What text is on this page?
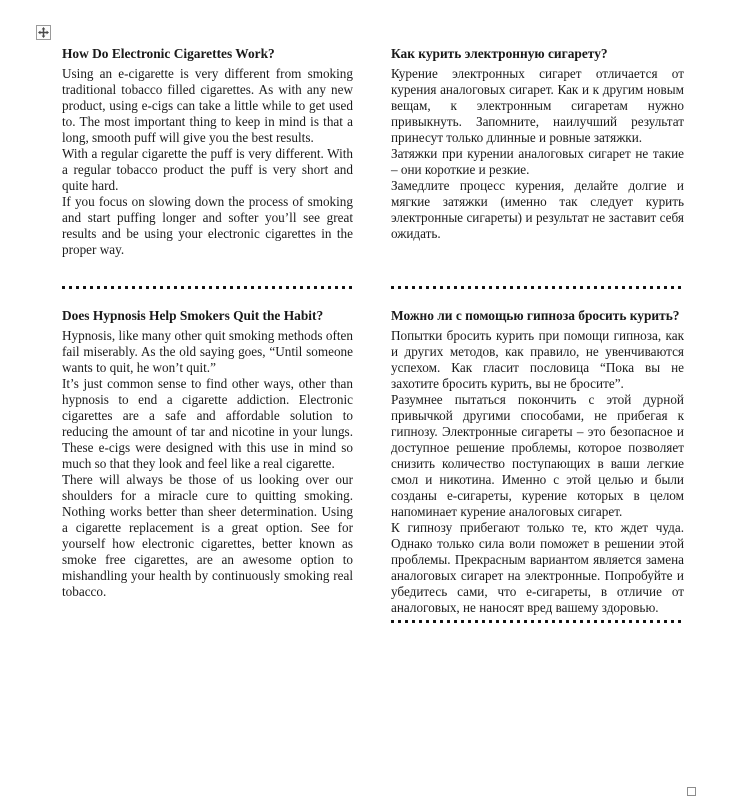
How Do Electronic Cigarettes Work?

Using an e-cigarette is very different from smoking traditional tobacco filled cigarettes. As with any new product, using e-cigs can take a little while to get used to. The most important thing to keep in mind is that a long, smooth puff will give you the best results.

With a regular cigarette the puff is very different. With a regular tobacco product the puff is very short and quite hard.

If you focus on slowing down the process of smoking and start puffing longer and softer you’ll see great results and be using your electronic cigarettes in the proper way.

Как курить электронную сигарету?

Курение электронных сигарет отличается от курения аналоговых сигарет. Как и к другим новым вещам, к электронным сигаретам нужно привыкнуть. Запомните, наилучший результат принесут только длинные и ровные затяжки.

Затяжки при курении аналоговых сигарет не такие – они короткие и резкие.

Замедлите процесс курения, делайте долгие и мягкие затяжки (именно так следует курить электронные сигареты) и результат не заставит себя ожидать.

Does Hypnosis Help Smokers Quit the Habit?

Hypnosis, like many other quit smoking methods often fail miserably. As the old saying goes, “Until someone wants to quit, he won’t quit.”

It’s just common sense to find other ways, other than hypnosis to end a cigarette addiction. Electronic cigarettes are a safe and affordable solution to reducing the amount of tar and nicotine in your lungs. These e-cigs were designed with this use in mind so much so that they look and feel like a real cigarette.

There will always be those of us looking over our shoulders for a miracle cure to quitting smoking. Nothing works better than sheer determination. Using a cigarette replacement is a great option. See for yourself how electronic cigarettes, better known as smoke free cigarettes, are an awesome option to mishandling your health by continuously smoking real tobacco.

Можно ли с помощью гипноза бросить курить?

Попытки бросить курить при помощи гипноза, как и других методов, как правило, не увенчиваются успехом. Как гласит пословица “Пока вы не захотите бросить курить, вы не бросите”.

Разумнее пытаться покончить с этой дурной привычкой другими способами, не прибегая к гипнозу. Электронные сигареты – это безопасное и доступное решение проблемы, которое позволяет снизить количество поступающих в ваши легкие смол и никотина. Именно с этой целью и были созданы е-сигареты, курение которых в целом напоминает курение аналоговых сигарет.

К гипнозу прибегают только те, кто ждет чуда. Однако только сила воли поможет в решении этой проблемы. Прекрасным вариантом является замена аналоговых сигарет на электронные. Попробуйте и убедитесь сами, что е-сигареты, в отличие от аналоговых, не наносят вред вашему здоровью.
